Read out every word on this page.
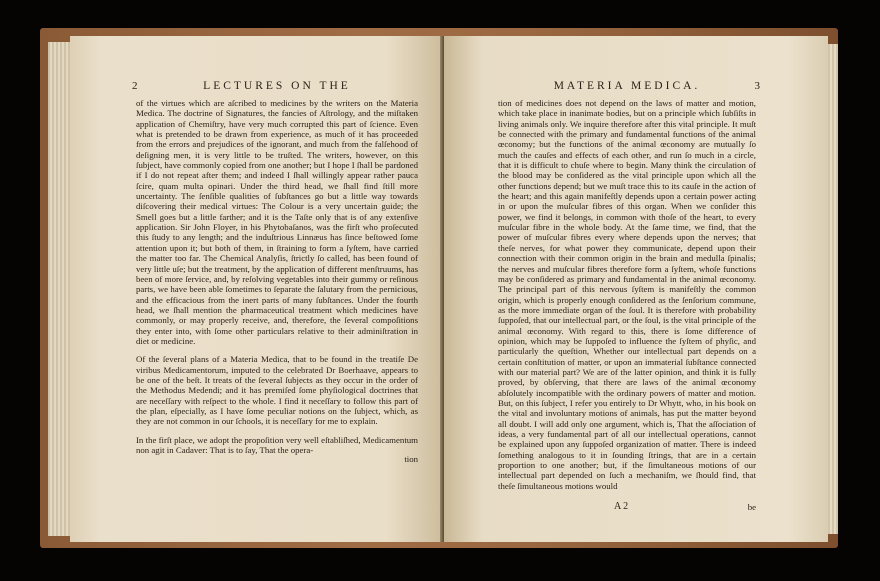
2	LECTURES ON THE

of the virtues which are aſcribed to medicines by the writers on the Materia Medica. The doctrine of Signatures, the fancies of Aſtrology, and the miſtaken application of Chemiſtry, have very much corrupted this part of ſcience. Even what is pretended to be drawn from experience, as much of it has proceeded from the errors and prejudices of the ignorant, and much from the falſehood of deſigning men, it is very little to be truſted. The writers, however, on this ſubject, have commonly copied from one another; but I hope I ſhall be pardoned if I do not repeat after them; and indeed I ſhall willingly appear rather pauca ſcire, quam multa opinari. Under the third head, we ſhall find ſtill more uncertainty. The ſenſible qualities of ſubſtances go but a little way towards diſcovering their medical virtues: The Colour is a very uncertain guide; the Smell goes but a little farther; and it is the Taſte only that is of any extenſive application. Sir John Floyer, in his Phytobaſanos, was the firſt who proſecuted this ſtudy to any length; and the induſtrious Linnæus has ſince beſtowed ſome attention upon it; but both of them, in ſtraining to form a ſyſtem, have carried the matter too far. The Chemical Analyſis, ſtrictly ſo called, has been found of very little uſe; but the treatment, by the application of different menſtruums, has been of more ſervice, and, by reſolving vegetables into their gummy or reſinous parts, we have been able ſometimes to ſeparate the ſalutary from the pernicious, and the efficacious from the inert parts of many ſubſtances. Under the fourth head, we ſhall mention the pharmaceutical treatment which medicines have commonly, or may properly receive, and, therefore, the ſeveral compoſitions they enter into, with ſome other particulars relative to their adminiſtration in diet or medicine.

Of the ſeveral plans of a Materia Medica, that to be found in the treatiſe De viribus Medicamentorum, imputed to the celebrated Dr Boerhaave, appears to be one of the beſt. It treats of the ſeveral ſubjects as they occur in the order of the Methodus Medendi; and it has premiſed ſome phyſiological doctrines that are neceſſary with reſpect to the whole. I find it neceſſary to follow this part of the plan, eſpecially, as I have ſome peculiar notions on the ſubject, which, as they are not common in our ſchools, it is neceſſary for me to explain.

In the firſt place, we adopt the propoſition very well eſtabliſhed, Medicamentum non agit in Cadaver: That is to ſay, That the opera-

tion
MATERIA MEDICA.	3

tion of medicines does not depend on the laws of matter and motion, which take place in inanimate bodies, but on a principle which ſubſiſts in living animals only. We inquire therefore after this vital principle. It muſt be connected with the primary and fundamental functions of the animal œconomy; but the functions of the animal œconomy are mutually ſo much the cauſes and effects of each other, and run ſo much in a circle, that it is difficult to chuſe where to begin. Many think the circulation of the blood may be conſidered as the vital principle upon which all the other functions depend; but we muſt trace this to its cauſe in the action of the heart; and this again manifeſtly depends upon a certain power acting in or upon the muſcular fibres of this organ. When we conſider this power, we find it belongs, in common with thoſe of the heart, to every muſcular fibre in the whole body. At the ſame time, we find, that the power of muſcular fibres every where depends upon the nerves; that theſe nerves, for what power they communicate, depend upon their connection with their common origin in the brain and medulla ſpinalis; the nerves and muſcular fibres therefore form a ſyſtem, whoſe functions may be conſidered as primary and fundamental in the animal œconomy. The principal part of this nervous ſyſtem is manifeſtly the common origin, which is properly enough conſidered as the ſenſorium commune, as the more immediate organ of the ſoul. It is therefore with probability ſuppoſed, that our intellectual part, or the ſoul, is the vital principle of the animal œconomy. With regard to this, there is ſome difference of opinion, which may be ſuppoſed to influence the ſyſtem of phyſic, and particularly the queſtion, Whether our intellectual part depends on a certain conſtitution of matter, or upon an immaterial ſubſtance connected with our material part? We are of the latter opinion, and think it is fully proved, by obſerving, that there are laws of the animal œconomy abſolutely incompatible with the ordinary powers of matter and motion. But, on this ſubject, I refer you entirely to Dr Whytt, who, in his book on the vital and involuntary motions of animals, has put the matter beyond all doubt. I will add only one argument, which is, That the aſſociation of ideas, a very fundamental part of all our intellectual operations, cannot be explained upon any ſuppoſed organization of matter. There is indeed ſomething analogous to it in ſounding ſtrings, that are in a certain proportion to one another; but, if the ſimultaneous motions of our intellectual part depended on ſuch a mechaniſm, we ſhould find, that theſe ſimultaneous motions would

A 2	be
